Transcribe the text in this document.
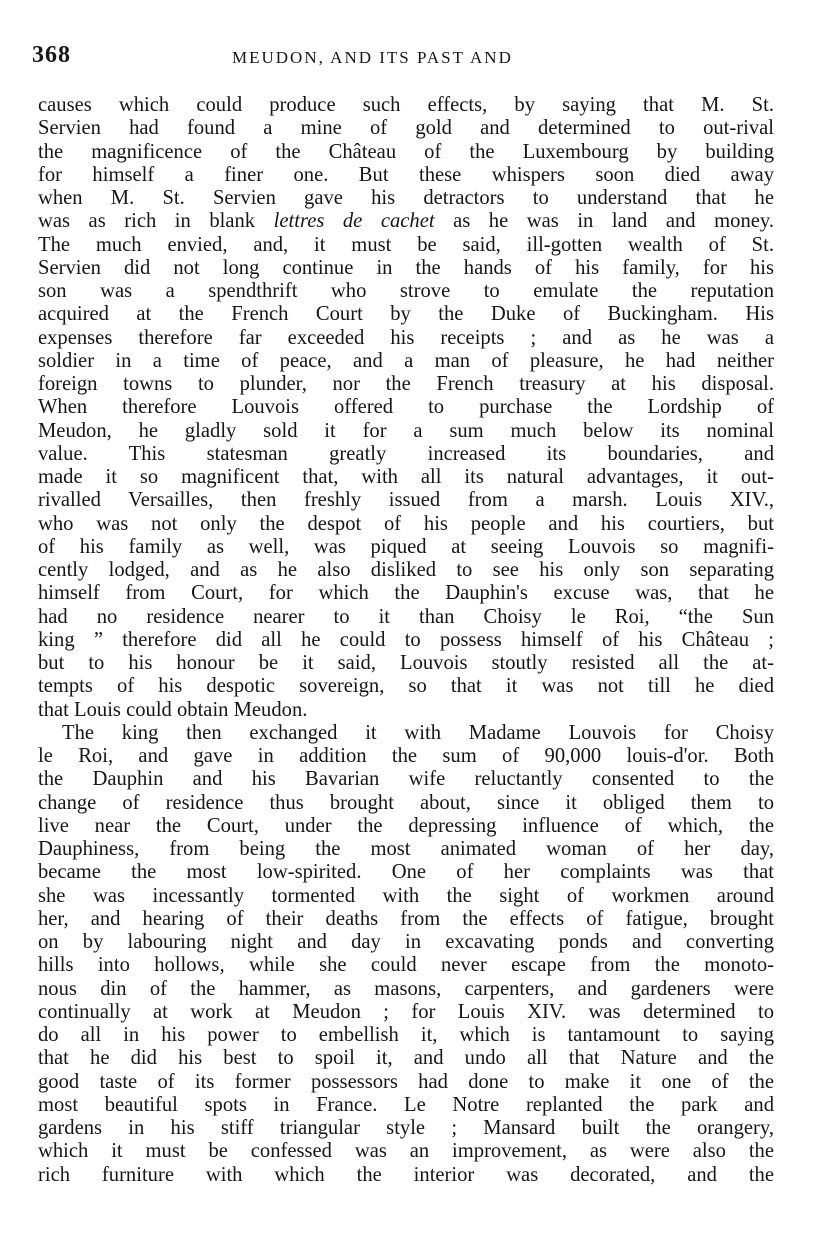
368	MEUDON, AND ITS PAST AND
causes which could produce such effects, by saying that M. St.
Servien had found a mine of gold and determined to out-rival
the magnificence of the Château of the Luxembourg by building
for himself a finer one. But these whispers soon died away
when M. St. Servien gave his detractors to understand that he
was as rich in blank lettres de cachet as he was in land and money.
The much envied, and, it must be said, ill-gotten wealth of St.
Servien did not long continue in the hands of his family, for his
son was a spendthrift who strove to emulate the reputation
acquired at the French Court by the Duke of Buckingham. His
expenses therefore far exceeded his receipts ; and as he was a
soldier in a time of peace, and a man of pleasure, he had neither
foreign towns to plunder, nor the French treasury at his disposal.
When therefore Louvois offered to purchase the Lordship of
Meudon, he gladly sold it for a sum much below its nominal
value. This statesman greatly increased its boundaries, and
made it so magnificent that, with all its natural advantages, it out-
rivalled Versailles, then freshly issued from a marsh. Louis XIV.,
who was not only the despot of his people and his courtiers, but
of his family as well, was piqued at seeing Louvois so magnifi-
cently lodged, and as he also disliked to see his only son separating
himself from Court, for which the Dauphin's excuse was, that he
had no residence nearer to it than Choisy le Roi, “the Sun
king ” therefore did all he could to possess himself of his Château ;
but to his honour be it said, Louvois stoutly resisted all the at-
tempts of his despotic sovereign, so that it was not till he died
that Louis could obtain Meudon.
The king then exchanged it with Madame Louvois for Choisy
le Roi, and gave in addition the sum of 90,000 louis-d'or. Both
the Dauphin and his Bavarian wife reluctantly consented to the
change of residence thus brought about, since it obliged them to
live near the Court, under the depressing influence of which, the
Dauphiness, from being the most animated woman of her day,
became the most low-spirited. One of her complaints was that
she was incessantly tormented with the sight of workmen around
her, and hearing of their deaths from the effects of fatigue, brought
on by labouring night and day in excavating ponds and converting
hills into hollows, while she could never escape from the monoto-
nous din of the hammer, as masons, carpenters, and gardeners were
continually at work at Meudon ; for Louis XIV. was determined to
do all in his power to embellish it, which is tantamount to saying
that he did his best to spoil it, and undo all that Nature and the
good taste of its former possessors had done to make it one of the
most beautiful spots in France. Le Notre replanted the park and
gardens in his stiff triangular style ; Mansard built the orangery,
which it must be confessed was an improvement, as were also the
rich furniture with which the interior was decorated, and the
